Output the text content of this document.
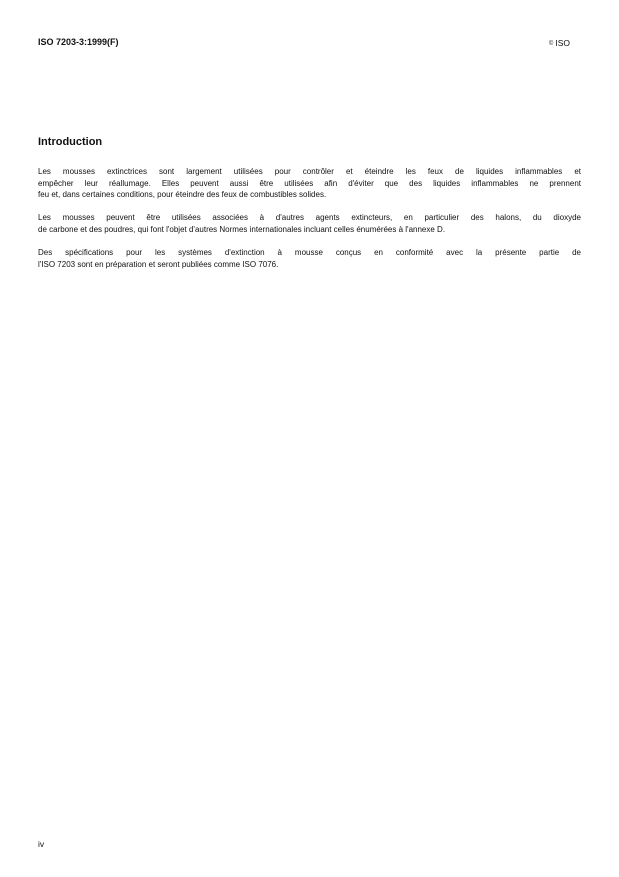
ISO 7203-3:1999(F)	© ISO
Introduction
Les mousses extinctrices sont largement utilisées pour contrôler et éteindre les feux de liquides inflammables et
empêcher leur réallumage. Elles peuvent aussi être utilisées afin d'éviter que des liquides inflammables ne prennent
feu et, dans certaines conditions, pour éteindre des feux de combustibles solides.
Les mousses peuvent être utilisées associées à d'autres agents extincteurs, en particulier des halons, du dioxyde
de carbone et des poudres, qui font l'objet d'autres Normes internationales incluant celles énumérées à l'annexe D.
Des spécifications pour les systèmes d'extinction à mousse conçus en conformité avec la présente partie de
l'ISO 7203 sont en préparation et seront publiées comme ISO 7076.
iv
